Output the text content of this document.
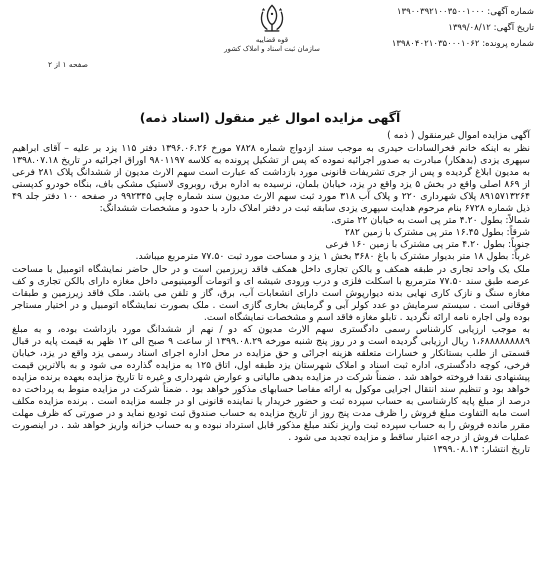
قوه قضاییه
سازمان ثبت اسناد و املاک کشور
شماره آگهی: ۱۳۹۰۰۳۹۲۱۰۰۳۵۰۰۱۰۰۰
تاریخ آگهی: ۱۳۹۹/۰۸/۱۲
شماره پرونده: ۱۳۹۸۰۴۰۲۱۰۳۵۰۰۰۱۰۶۲
صفحه ۱ از ۲
آگهی مزایده اموال غیر منقول (اسناد ذمه)

آگهی مزایده اموال غیرمنقول ( ذمه )

نظر به اینکه خانم فخرالسادات حیدری به موجب سند ازدواج شماره ۷۸۲۸ مورخ ۱۳۹۶.۰۶.۲۶ دفتر ۱۱۵ یزد بر علیه – آقای ابراهیم سپهری یزدی (بدهکار) مبادرت به صدور اجرائیه نموده که پس از تشکیل پرونده به کلاسه ۹۸۰۱۱۹۷ اوراق اجرائیه در تاریخ ۱۳۹۸.۰۷.۱۸ به مدیون ابلاغ گردیده و پس از جری تشریفات قانونی مورد بازداشت که عبارت است سهم الارث مدیون از ششدانگ پلاک ۲۸۱ فرعی از ۸۶۹ اصلی واقع در بخش ۵ یزد واقع در یزد، خیابان بلمان، نرسیده به اداره برق، روبروی لاستیک مشکی باف، بنگاه خودرو کدپستی ۸۹۱۵۷۱۳۲۶۴ پلاک شهرداری ۲۲۰ و پلاک آب ۳۱۸ مورد ثبت سهم الارث مدیون سند شماره چاپی ۹۹۲۳۴۵ در صفحه ۱۰۰ دفتر جلد ۴۹ ذیل شماره ۶۷۲۸ بنام مرحوم هدایت سپهری یزدی سابقه ثبت در دفتر املاک دارد با حدود و مشخصات ششدانگ:

شمالاً: بطول ۴.۲۰ متر پی است به خیابان ۲۲ متری.

شرقاً: بطول ۱۶.۴۵ متر پی مشترک با زمین ۲۸۲

جنوباً: بطول ۴.۲۰ متر پی مشترک با زمین ۱۶۰ فرعی

غرباً: بطول ۱۸ متر بدیوار مشترک با باغ ۳۶۸۰ بخش ۱ یزد و مساحت مورد ثبت ۷۷.۵۰ مترمربع میباشد.

ملک یک واحد تجاری در طبقه همکف و بالکن تجاری داخل همکف فاقد زیرزمین است و در حال حاضر نمایشگاه اتومبیل با مساحت عرصه طبق سند ۷۷.۵۰ مترمربع با اسکلت فلزی و درب ورودی شیشه ای و اتومات آلومینیومی داخل مغازه دارای بالکن تجاری و کف مغازه سنگ و نازک کاری نهایی بدنه دیوارپوش است دارای انشعابات آب، برق، گاز و تلفن می باشد. ملک فاقد زیرزمین و طبقات فوقانی است . سیستم سرمایش دو عدد کولر آبی و گرمایش بخاری گازی است . ملک بصورت نمایشگاه اتومبیل و در اختیار مستاجر بوده ولی اجاره نامه ارائه نگردید . تابلو مغازه فاقد اسم و مشخصات نمایشگاه است.

به موجب ارزیابی کارشناس رسمی دادگستری سهم الارث مدیون که دو / نهم از ششدانگ مورد بازداشت بوده، و به مبلغ ۱،۶۸۸۸۸۸۸۸۸۹ ریال ارزیابی گردیده است و در روز پنج شنبه مورخه ۱۳۹۹.۰۸.۲۹ از ساعت ۹ صبح الی ۱۲ ظهر به قیمت پایه در قبال قسمتی از طلب بستانکار و خسارات متعلقه هزینه اجرائی و حق مزایده در محل اداره اجرای اسناد رسمی یزد واقع در یزد، خیابان فرخی، کوچه دادگستری، اداره ثبت اسناد و املاک شهرستان یزد طبقه اول، اتاق ۱۲۵ به مزایده گذارده می شود و به بالاترین قیمت پیشنهادی نقدا فروخته خواهد شد . ضمناً شرکت در مزایده بدهی مالیاتی و عوارض شهرداری و غیره تا تاریخ مزایده بعهده برنده مزایده خواهد بود و تنظیم سند انتقال اجرایی موکول به ارائه مفاصا حسابهای مذکور خواهد بود . ضمناً شرکت در مزایده منوط به پرداخت ده درصد از مبلغ پایه کارشناسی به حساب سپرده ثبت و حضور خریدار یا نماینده قانونی او در جلسه مزایده است . برنده مزایده مکلف است مابه التفاوت مبلغ فروش را ظرف مدت پنج روز از تاریخ مزایده به حساب صندوق ثبت تودیع نماید و در صورتی که ظرف مهلت مقرر مانده فروش را به حساب سپرده ثبت واریز نکند مبلغ مذکور قابل استرداد نبوده و به حساب خزانه واریز خواهد شد . در اینصورت عملیات فروش از درجه اعتبار ساقط و مزایده تجدید می شود .

تاریخ انتشار: ۱۳۹۹.۰۸.۱۴
